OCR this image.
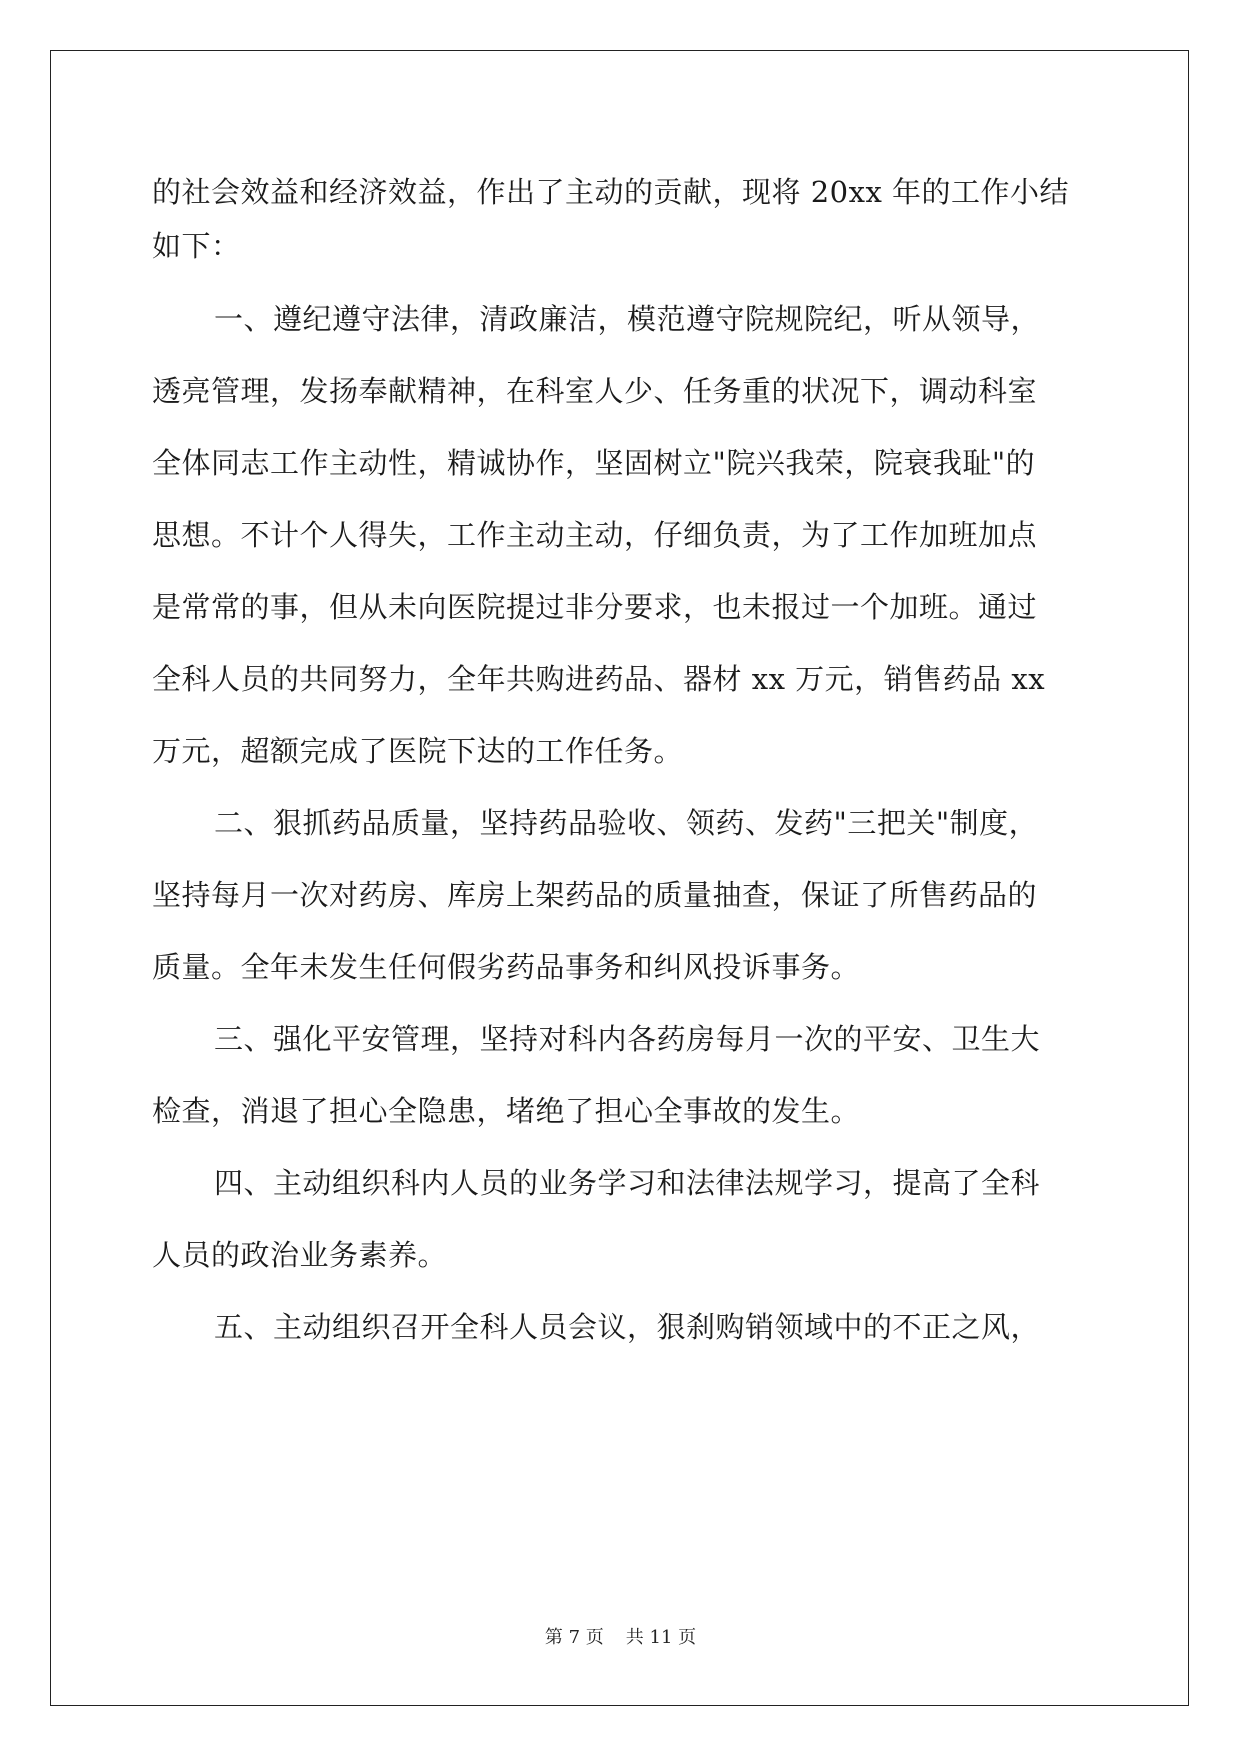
的社会效益和经济效益，作出了主动的贡献，现将 20xx 年的工作小结
如下：
一、遵纪遵守法律，清政廉洁，模范遵守院规院纪，听从领导，
透亮管理，发扬奉献精神，在科室人少、任务重的状况下，调动科室
全体同志工作主动性，精诚协作，坚固树立"院兴我荣，院衰我耻"的
思想。不计个人得失，工作主动主动，仔细负责，为了工作加班加点
是常常的事，但从未向医院提过非分要求，也未报过一个加班。通过
全科人员的共同努力，全年共购进药品、器材 xx 万元，销售药品 xx
万元，超额完成了医院下达的工作任务。
二、狠抓药品质量，坚持药品验收、领药、发药"三把关"制度，
坚持每月一次对药房、库房上架药品的质量抽查，保证了所售药品的
质量。全年未发生任何假劣药品事务和纠风投诉事务。
三、强化平安管理，坚持对科内各药房每月一次的平安、卫生大
检查，消退了担心全隐患，堵绝了担心全事故的发生。
四、主动组织科内人员的业务学习和法律法规学习，提高了全科
人员的政治业务素养。
五、主动组织召开全科人员会议，狠刹购销领域中的不正之风，
第 7 页 共 11 页
